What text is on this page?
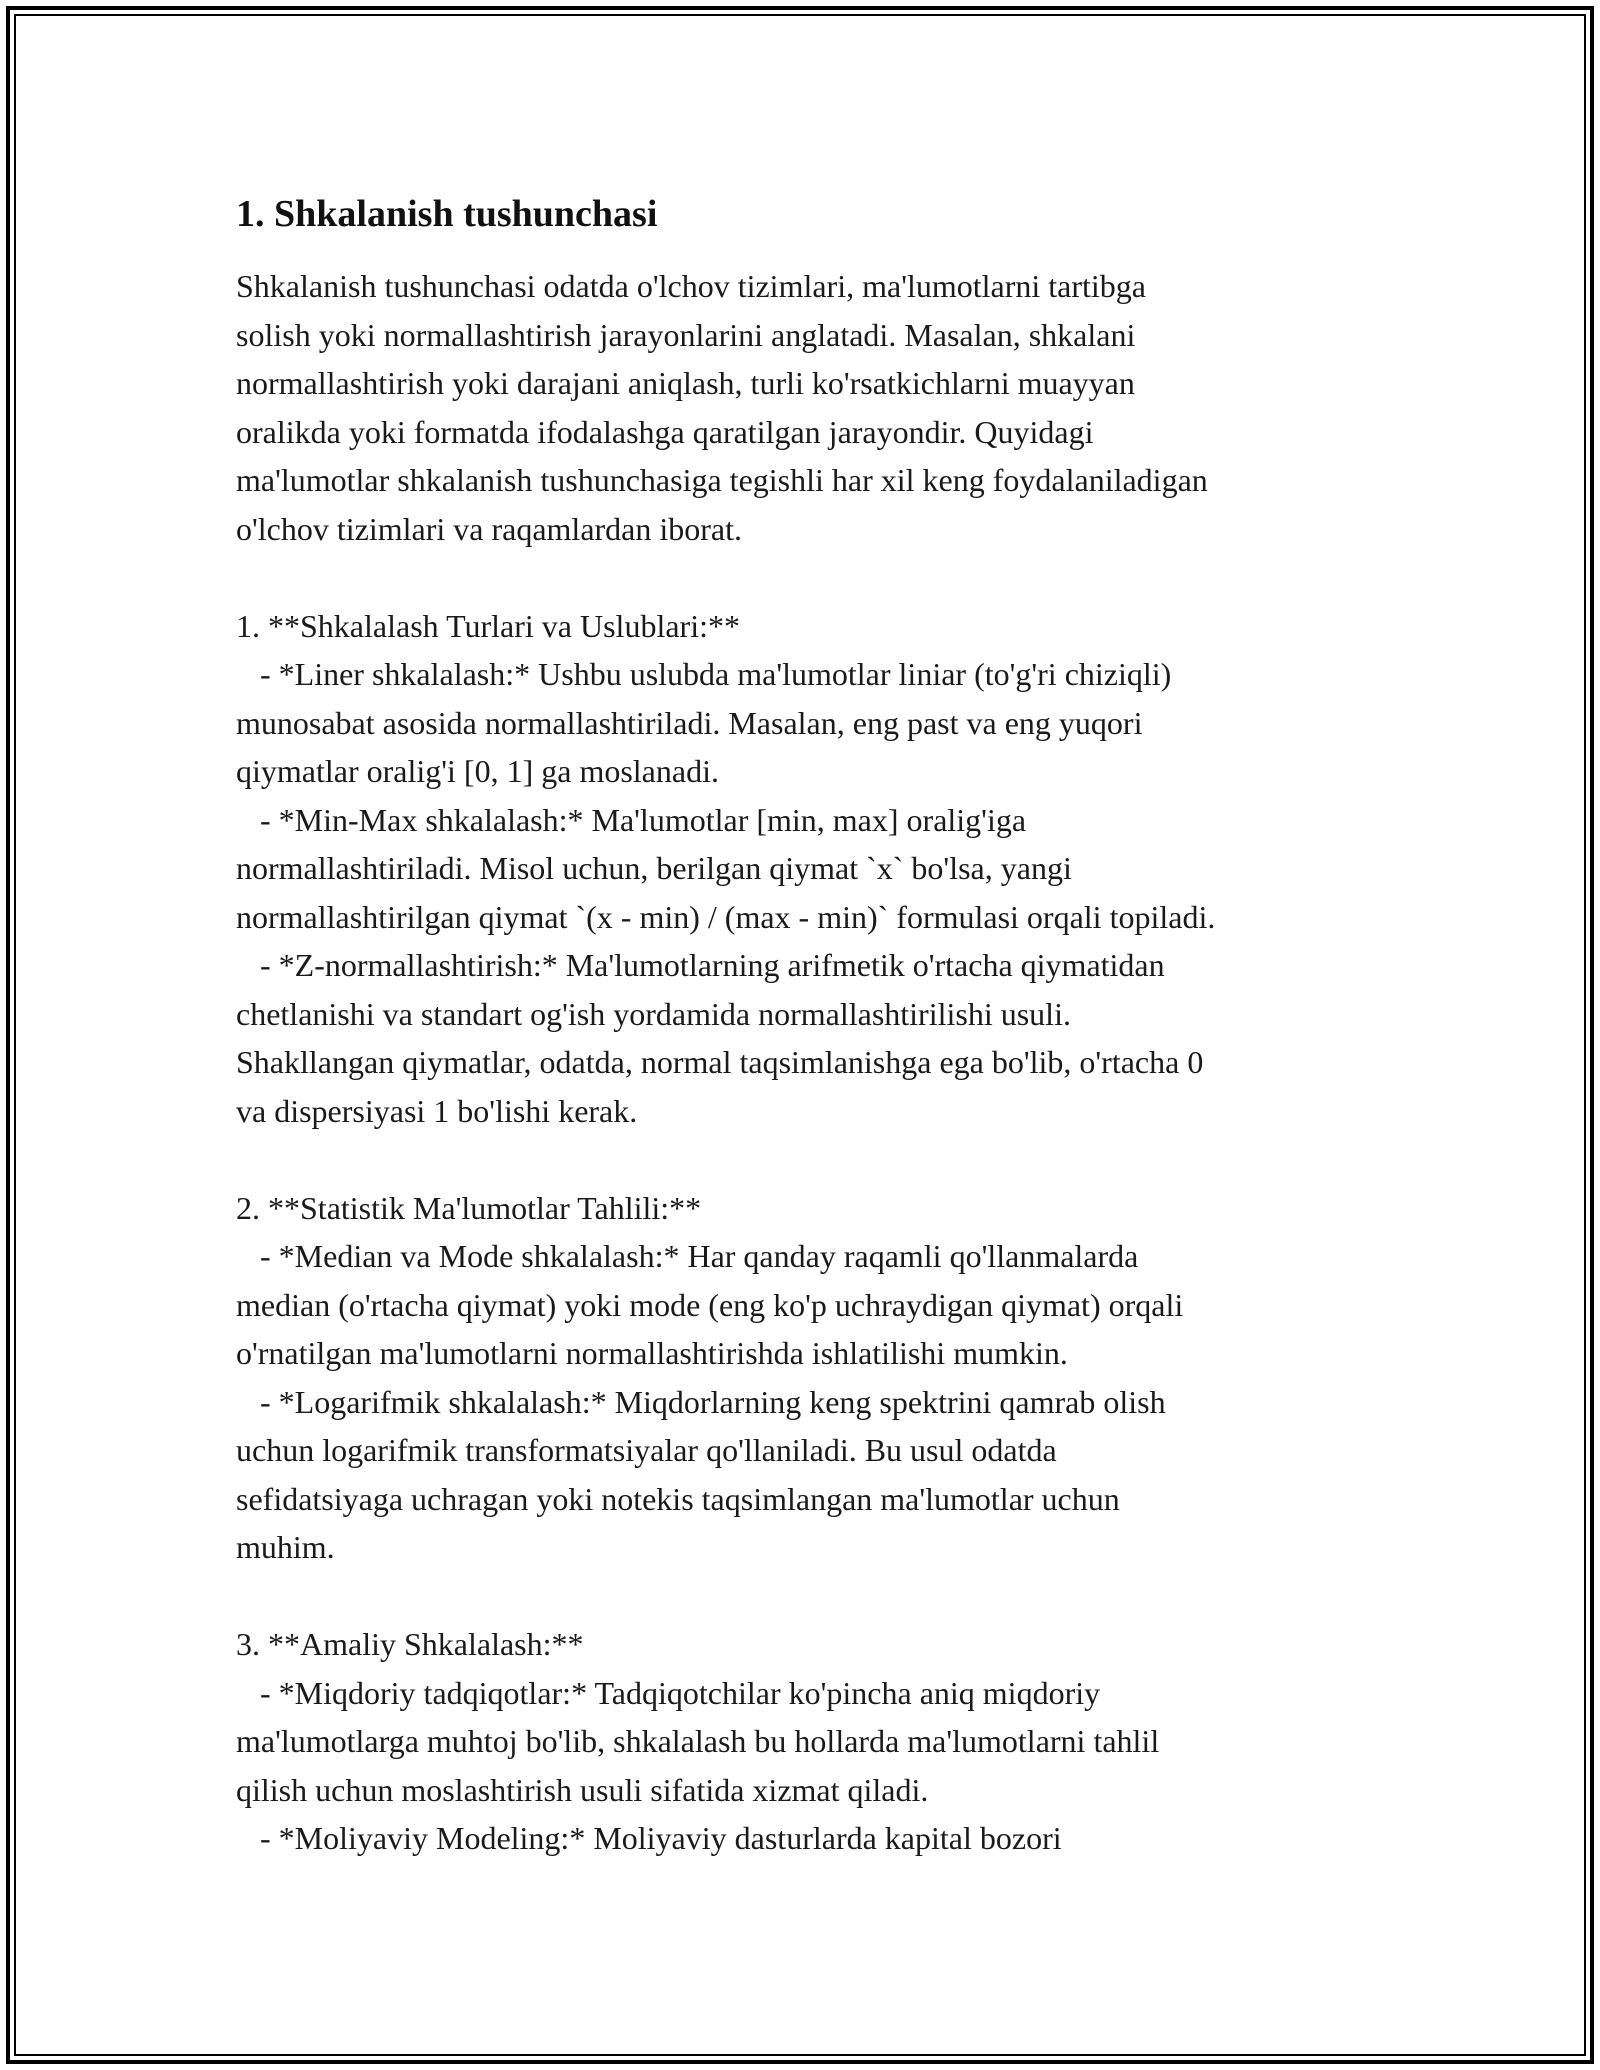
1. Shkalanish tushunchasi
Shkalanish tushunchasi odatda o'lchov tizimlari, ma'lumotlarni tartibga
solish yoki normallashtirish jarayonlarini anglatadi. Masalan, shkalani
normallashtirish yoki darajani aniqlash, turli ko'rsatkichlarni muayyan
oralikda yoki formatda ifodalashga qaratilgan jarayondir. Quyidagi
ma'lumotlar shkalanish tushunchasiga tegishli har xil keng foydalaniladigan
o'lchov tizimlari va raqamlardan iborat.
1. **Shkalalash Turlari va Uslublari:**
- *Liner shkalalash:* Ushbu uslubda ma'lumotlar liniar (to'g'ri chiziqli)
munosabat asosida normallashtiriladi. Masalan, eng past va eng yuqori
qiymatlar oralig'i [0, 1] ga moslanadi.
- *Min-Max shkalalash:* Ma'lumotlar [min, max] oralig'iga
normallashtiriladi. Misol uchun, berilgan qiymat `x` bo'lsa, yangi
normallashtirilgan qiymat `(x - min) / (max - min)` formulasi orqali topiladi.
- *Z-normallashtirish:* Ma'lumotlarning arifmetik o'rtacha qiymatidan
chetlanishi va standart og'ish yordamida normallashtirilishi usuli.
Shakllangan qiymatlar, odatda, normal taqsimlanishga ega bo'lib, o'rtacha 0
va dispersiyasi 1 bo'lishi kerak.
2. **Statistik Ma'lumotlar Tahlili:**
- *Median va Mode shkalalash:* Har qanday raqamli qo'llanmalarda
median (o'rtacha qiymat) yoki mode (eng ko'p uchraydigan qiymat) orqali
o'rnatilgan ma'lumotlarni normallashtirishda ishlatilishi mumkin.
- *Logarifmik shkalalash:* Miqdorlarning keng spektrini qamrab olish
uchun logarifmik transformatsiyalar qo'llaniladi. Bu usul odatda
sefidatsiyaga uchragan yoki notekis taqsimlangan ma'lumotlar uchun
muhim.
3. **Amaliy Shkalalash:**
- *Miqdoriy tadqiqotlar:* Tadqiqotchilar ko'pincha aniq miqdoriy
ma'lumotlarga muhtoj bo'lib, shkalalash bu hollarda ma'lumotlarni tahlil
qilish uchun moslashtirish usuli sifatida xizmat qiladi.
- *Moliyaviy Modeling:* Moliyaviy dasturlarda kapital bozori
